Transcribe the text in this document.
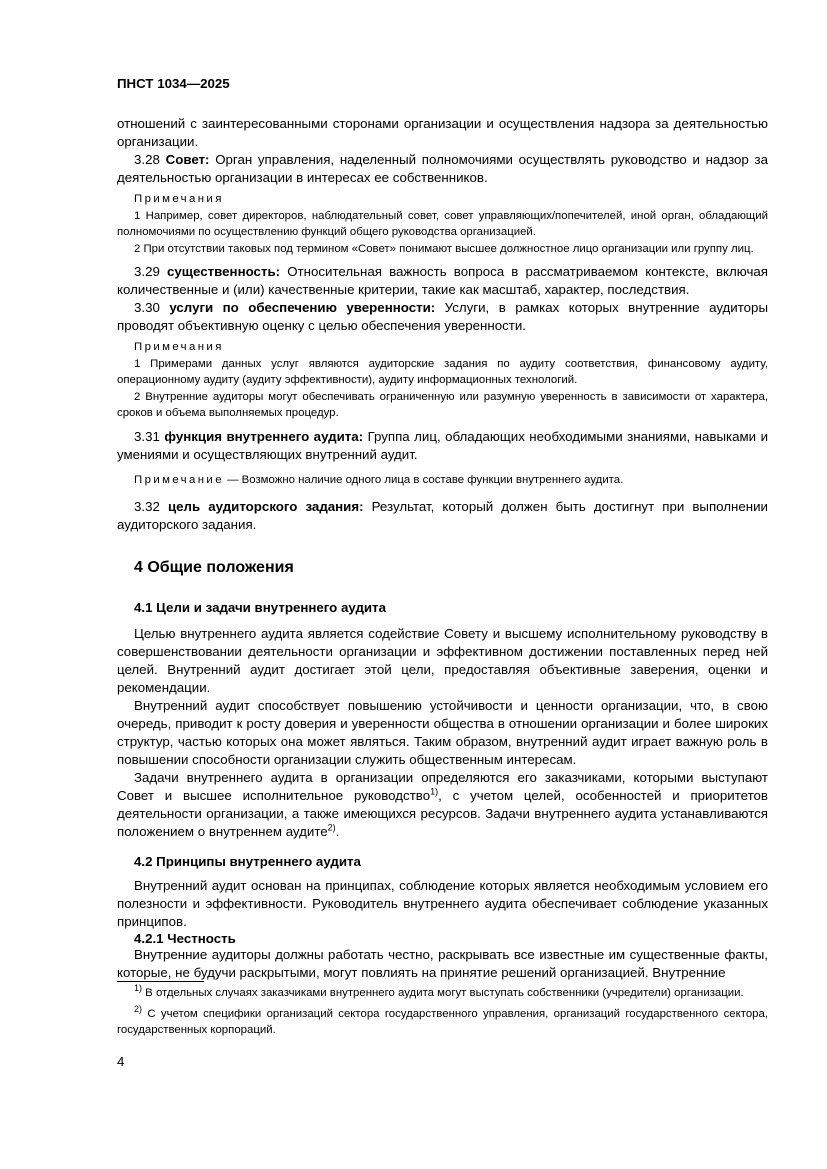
ПНСТ 1034—2025

отношений с заинтересованными сторонами организации и осуществления надзора за деятельностью организации.

3.28 Совет: Орган управления, наделенный полномочиями осуществлять руководство и надзор за деятельностью организации в интересах ее собственников.

Примечания

1 Например, совет директоров, наблюдательный совет, совет управляющих/попечителей, иной орган, обладающий полномочиями по осуществлению функций общего руководства организацией.

2 При отсутствии таковых под термином «Совет» понимают высшее должностное лицо организации или группу лиц.

3.29 существенность: Относительная важность вопроса в рассматриваемом контексте, включая количественные и (или) качественные критерии, такие как масштаб, характер, последствия.

3.30 услуги по обеспечению уверенности: Услуги, в рамках которых внутренние аудиторы проводят объективную оценку с целью обеспечения уверенности.

Примечания

1 Примерами данных услуг являются аудиторские задания по аудиту соответствия, финансовому аудиту, операционному аудиту (аудиту эффективности), аудиту информационных технологий.

2 Внутренние аудиторы могут обеспечивать ограниченную или разумную уверенность в зависимости от характера, сроков и объема выполняемых процедур.

3.31 функция внутреннего аудита: Группа лиц, обладающих необходимыми знаниями, навыками и умениями и осуществляющих внутренний аудит.

Примечание — Возможно наличие одного лица в составе функции внутреннего аудита.

3.32 цель аудиторского задания: Результат, который должен быть достигнут при выполнении аудиторского задания.

4 Общие положения
4.1 Цели и задачи внутреннего аудита

Целью внутреннего аудита является содействие Совету и высшему исполнительному руководству в совершенствовании деятельности организации и эффективном достижении поставленных перед ней целей. Внутренний аудит достигает этой цели, предоставляя объективные заверения, оценки и рекомендации.

Внутренний аудит способствует повышению устойчивости и ценности организации, что, в свою очередь, приводит к росту доверия и уверенности общества в отношении организации и более широких структур, частью которых она может являться. Таким образом, внутренний аудит играет важную роль в повышении способности организации служить общественным интересам.

Задачи внутреннего аудита в организации определяются его заказчиками, которыми выступают Совет и высшее исполнительное руководство$^{1)}$, с учетом целей, особенностей и приоритетов деятельности организации, а также имеющихся ресурсов. Задачи внутреннего аудита устанавливаются положением о внутреннем аудите$^{2)}$.

4.2 Принципы внутреннего аудита

Внутренний аудит основан на принципах, соблюдение которых является необходимым условием его полезности и эффективности. Руководитель внутреннего аудита обеспечивает соблюдение указанных принципов.

4.2.1 Честность

Внутренние аудиторы должны работать честно, раскрывать все известные им существенные факты, которые, не будучи раскрытыми, могут повлиять на принятие решений организацией. Внутренние

$^{1)}$ В отдельных случаях заказчиками внутреннего аудита могут выступать собственники (учредители) организации.

$^{2)}$ С учетом специфики организаций сектора государственного управления, организаций государственного сектора, государственных корпораций.

4
